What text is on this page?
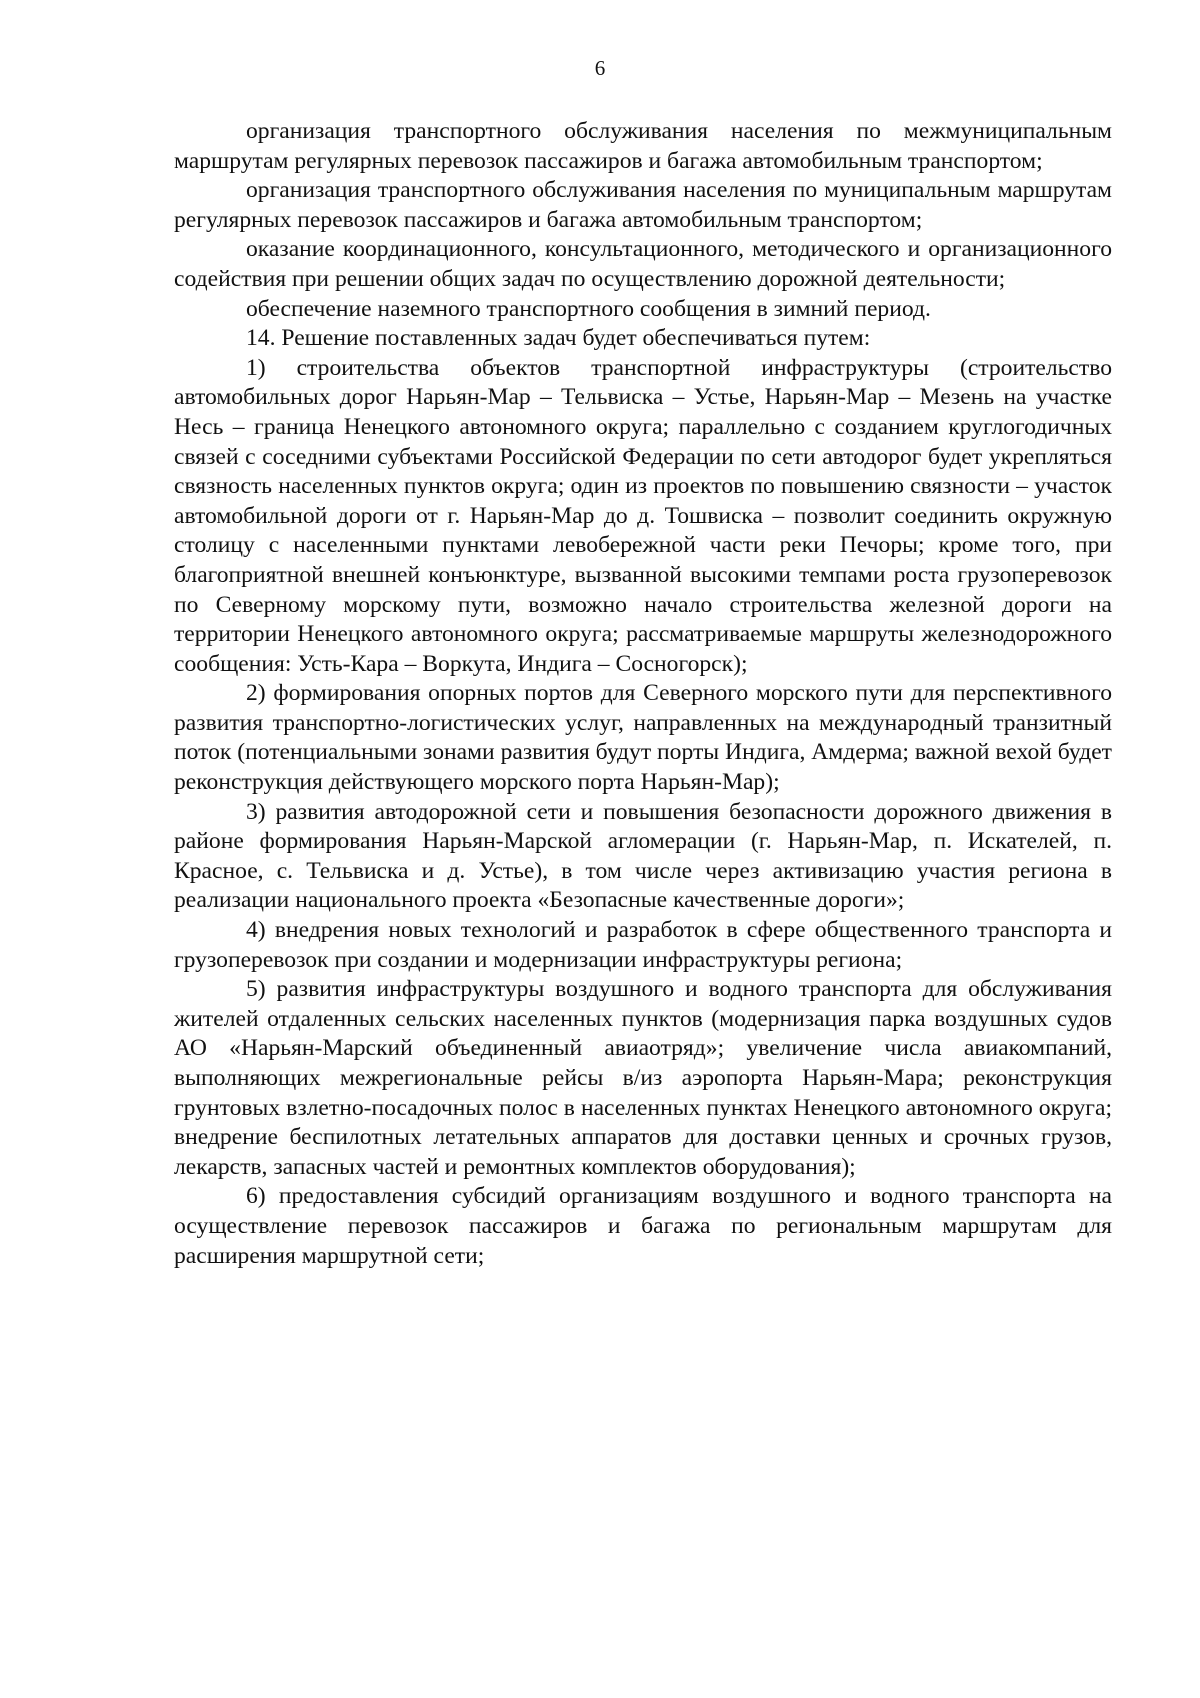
6

организация транспортного обслуживания населения по межмуниципальным маршрутам регулярных перевозок пассажиров и багажа автомобильным транспортом;

организация транспортного обслуживания населения по муниципальным маршрутам регулярных перевозок пассажиров и багажа автомобильным транспортом;

оказание координационного, консультационного, методического и организационного содействия при решении общих задач по осуществлению дорожной деятельности;

обеспечение наземного транспортного сообщения в зимний период.

14. Решение поставленных задач будет обеспечиваться путем:

1) строительства объектов транспортной инфраструктуры (строительство автомобильных дорог Нарьян-Мар – Тельвиска – Устье, Нарьян-Мар – Мезень на участке Несь – граница Ненецкого автономного округа; параллельно с созданием круглогодичных связей с соседними субъектами Российской Федерации по сети автодорог будет укрепляться связность населенных пунктов округа; один из проектов по повышению связности – участок автомобильной дороги от г. Нарьян-Мар до д. Тошвиска – позволит соединить окружную столицу с населенными пунктами левобережной части реки Печоры; кроме того, при благоприятной внешней конъюнктуре, вызванной высокими темпами роста грузоперевозок по Северному морскому пути, возможно начало строительства железной дороги на территории Ненецкого автономного округа; рассматриваемые маршруты железнодорожного сообщения: Усть-Кара – Воркута, Индига – Сосногорск);

2) формирования опорных портов для Северного морского пути для перспективного развития транспортно-логистических услуг, направленных на международный транзитный поток (потенциальными зонами развития будут порты Индига, Амдерма; важной вехой будет реконструкция действующего морского порта Нарьян-Мар);

3) развития автодорожной сети и повышения безопасности дорожного движения в районе формирования Нарьян-Марской агломерации (г. Нарьян-Мар, п. Искателей, п. Красное, с. Тельвиска и д. Устье), в том числе через активизацию участия региона в реализации национального проекта «Безопасные качественные дороги»;

4) внедрения новых технологий и разработок в сфере общественного транспорта и грузоперевозок при создании и модернизации инфраструктуры региона;

5) развития инфраструктуры воздушного и водного транспорта для обслуживания жителей отдаленных сельских населенных пунктов (модернизация парка воздушных судов АО «Нарьян-Марский объединенный авиаотряд»; увеличение числа авиакомпаний, выполняющих межрегиональные рейсы в/из аэропорта Нарьян-Мара; реконструкция грунтовых взлетно-посадочных полос в населенных пунктах Ненецкого автономного округа; внедрение беспилотных летательных аппаратов для доставки ценных и срочных грузов, лекарств, запасных частей и ремонтных комплектов оборудования);

6) предоставления субсидий организациям воздушного и водного транспорта на осуществление перевозок пассажиров и багажа по региональным маршрутам для расширения маршрутной сети;
